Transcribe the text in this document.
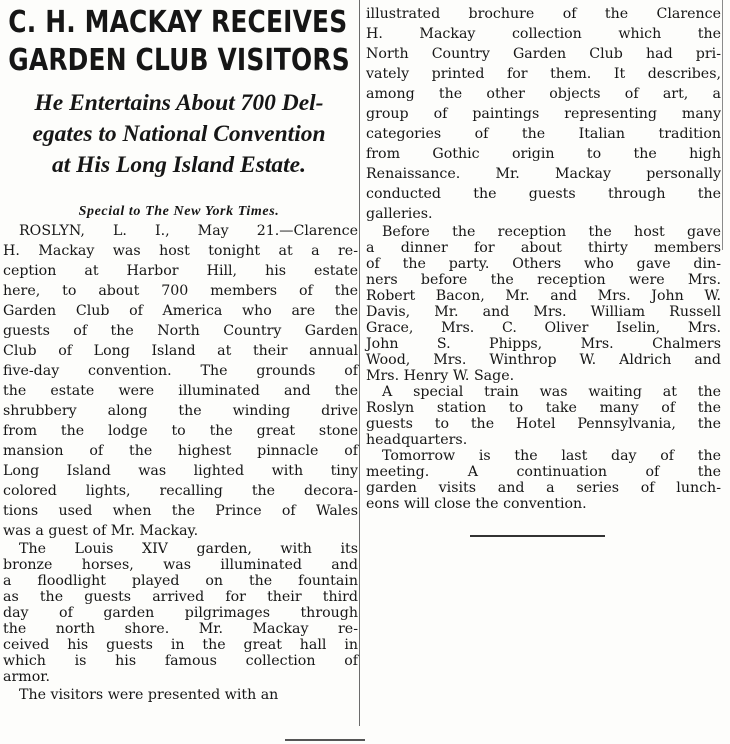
C. H. MACKAY RECEIVES
GARDEN CLUB VISITORS
He Entertains About 700 Del-
egates to National Convention
at His Long Island Estate.
Special to The New York Times.
ROSLYN, L. I., May 21.—Clarence
H. Mackay was host tonight at a re-
ception at Harbor Hill, his estate
here, to about 700 members of the
Garden Club of America who are the
guests of the North Country Garden
Club of Long Island at their annual
five-day convention. The grounds of
the estate were illuminated and the
shrubbery along the winding drive
from the lodge to the great stone
mansion of the highest pinnacle of
Long Island was lighted with tiny
colored lights, recalling the decora-
tions used when the Prince of Wales
was a guest of Mr. Mackay.
The Louis XIV garden, with its
bronze horses, was illuminated and
a floodlight played on the fountain
as the guests arrived for their third
day of garden pilgrimages through
the north shore. Mr. Mackay re-
ceived his guests in the great hall in
which is his famous collection of
armor.
The visitors were presented with an
illustrated brochure of the Clarence
H. Mackay collection which the
North Country Garden Club had pri-
vately printed for them. It describes,
among the other objects of art, a
group of paintings representing many
categories of the Italian tradition
from Gothic origin to the high
Renaissance. Mr. Mackay personally
conducted the guests through the
galleries.
Before the reception the host gave
a dinner for about thirty members
of the party. Others who gave din-
ners before the reception were Mrs.
Robert Bacon, Mr. and Mrs. John W.
Davis, Mr. and Mrs. William Russell
Grace, Mrs. C. Oliver Iselin, Mrs.
John S. Phipps, Mrs. Chalmers
Wood, Mrs. Winthrop W. Aldrich and
Mrs. Henry W. Sage.
A special train was waiting at the
Roslyn station to take many of the
guests to the Hotel Pennsylvania, the
headquarters.
Tomorrow is the last day of the
meeting. A continuation of the
garden visits and a series of lunch-
eons will close the convention.
